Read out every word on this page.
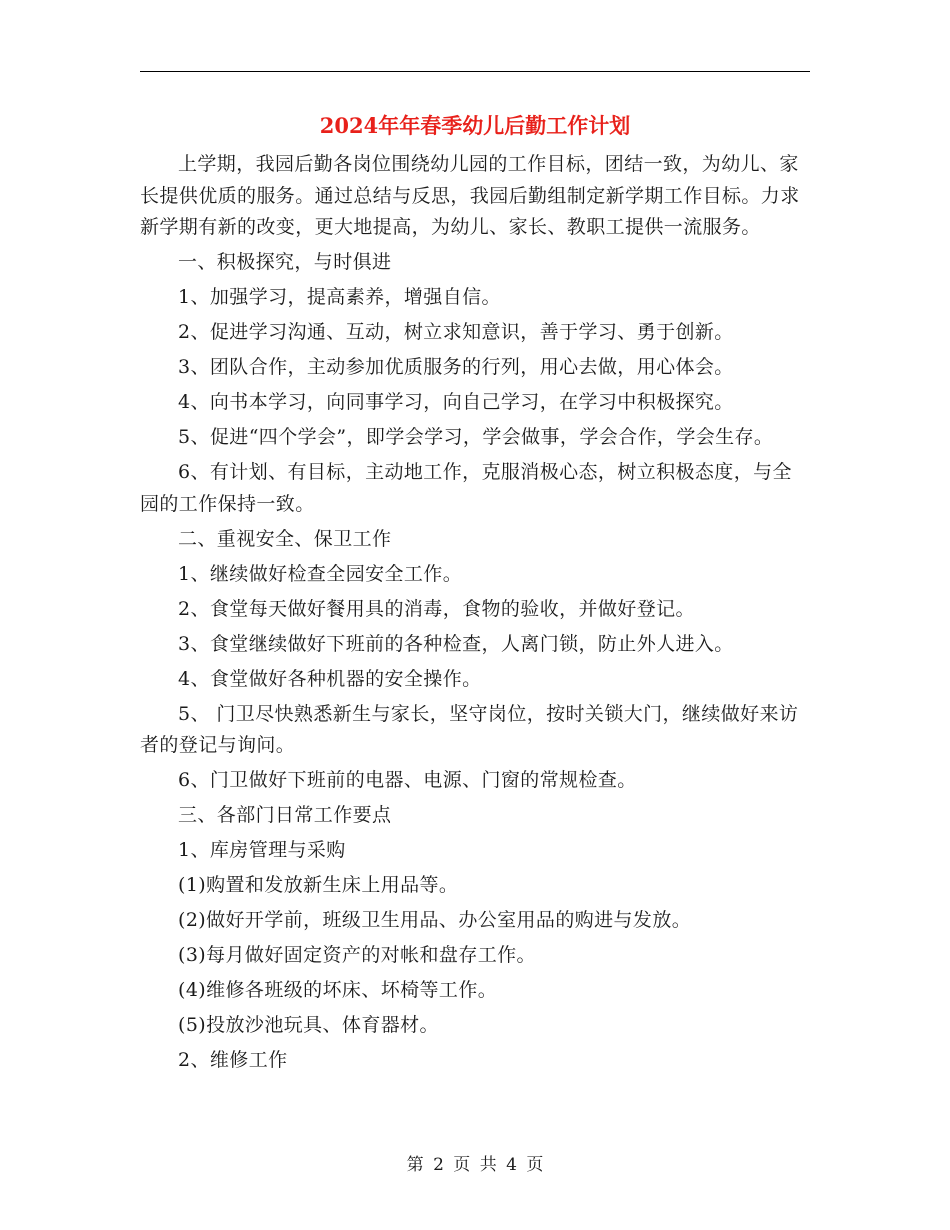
2024年年春季幼儿后勤工作计划

上学期，我园后勤各岗位围绕幼儿园的工作目标，团结一致，为幼儿、家长提供优质的服务。通过总结与反思，我园后勤组制定新学期工作目标。力求新学期有新的改变，更大地提高，为幼儿、家长、教职工提供一流服务。

一、积极探究，与时俱进

1、加强学习，提高素养，增强自信。

2、促进学习沟通、互动，树立求知意识，善于学习、勇于创新。

3、团队合作，主动参加优质服务的行列，用心去做，用心体会。

4、向书本学习，向同事学习，向自己学习，在学习中积极探究。

5、促进“四个学会”，即学会学习，学会做事，学会合作，学会生存。

6、有计划、有目标，主动地工作，克服消极心态，树立积极态度，与全园的工作保持一致。

二、重视安全、保卫工作

1、继续做好检查全园安全工作。

2、食堂每天做好餐用具的消毒，食物的验收，并做好登记。

3、食堂继续做好下班前的各种检查，人离门锁，防止外人进入。

4、食堂做好各种机器的安全操作。

5、 门卫尽快熟悉新生与家长，坚守岗位，按时关锁大门，继续做好来访者的登记与询问。

6、门卫做好下班前的电器、电源、门窗的常规检查。

三、各部门日常工作要点

1、库房管理与采购

(1)购置和发放新生床上用品等。

(2)做好开学前，班级卫生用品、办公室用品的购进与发放。

(3)每月做好固定资产的对帐和盘存工作。

(4)维修各班级的坏床、坏椅等工作。

(5)投放沙池玩具、体育器材。

2、维修工作

第 2 页 共 4 页
